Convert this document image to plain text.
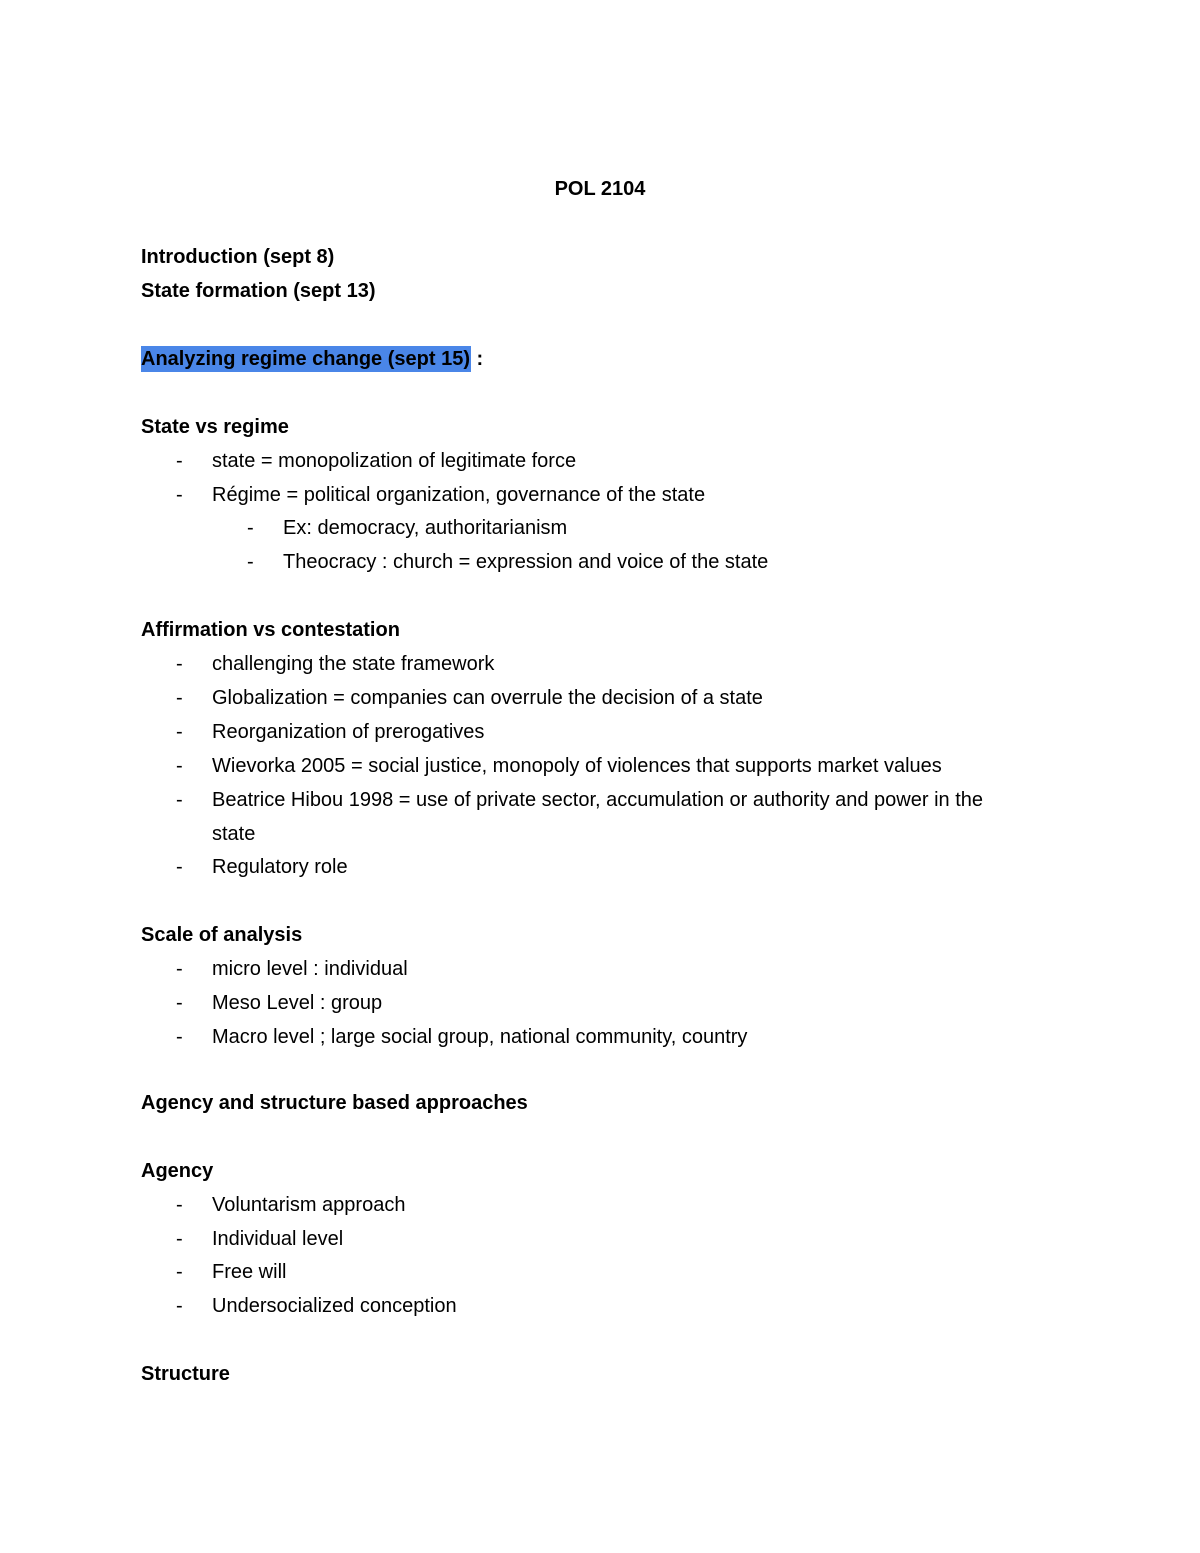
POL 2104
Introduction (sept 8)
State formation (sept 13)
Analyzing regime change (sept 15) :
State vs regime
- state = monopolization of legitimate force
- Régime = political organization, governance of the state
- Ex: democracy, authoritarianism
- Theocracy : church = expression and voice of the state
Affirmation vs contestation
- challenging the state framework
- Globalization = companies can overrule the decision of a state
- Reorganization of prerogatives
- Wievorka 2005 = social justice, monopoly of violences that supports market values
- Beatrice Hibou 1998 = use of private sector, accumulation or authority and power in the
state
- Regulatory role
Scale of analysis
- micro level : individual
- Meso Level : group
- Macro level ; large social group, national community, country
Agency and structure based approaches
Agency
- Voluntarism approach
- Individual level
- Free will
- Undersocialized conception
Structure
